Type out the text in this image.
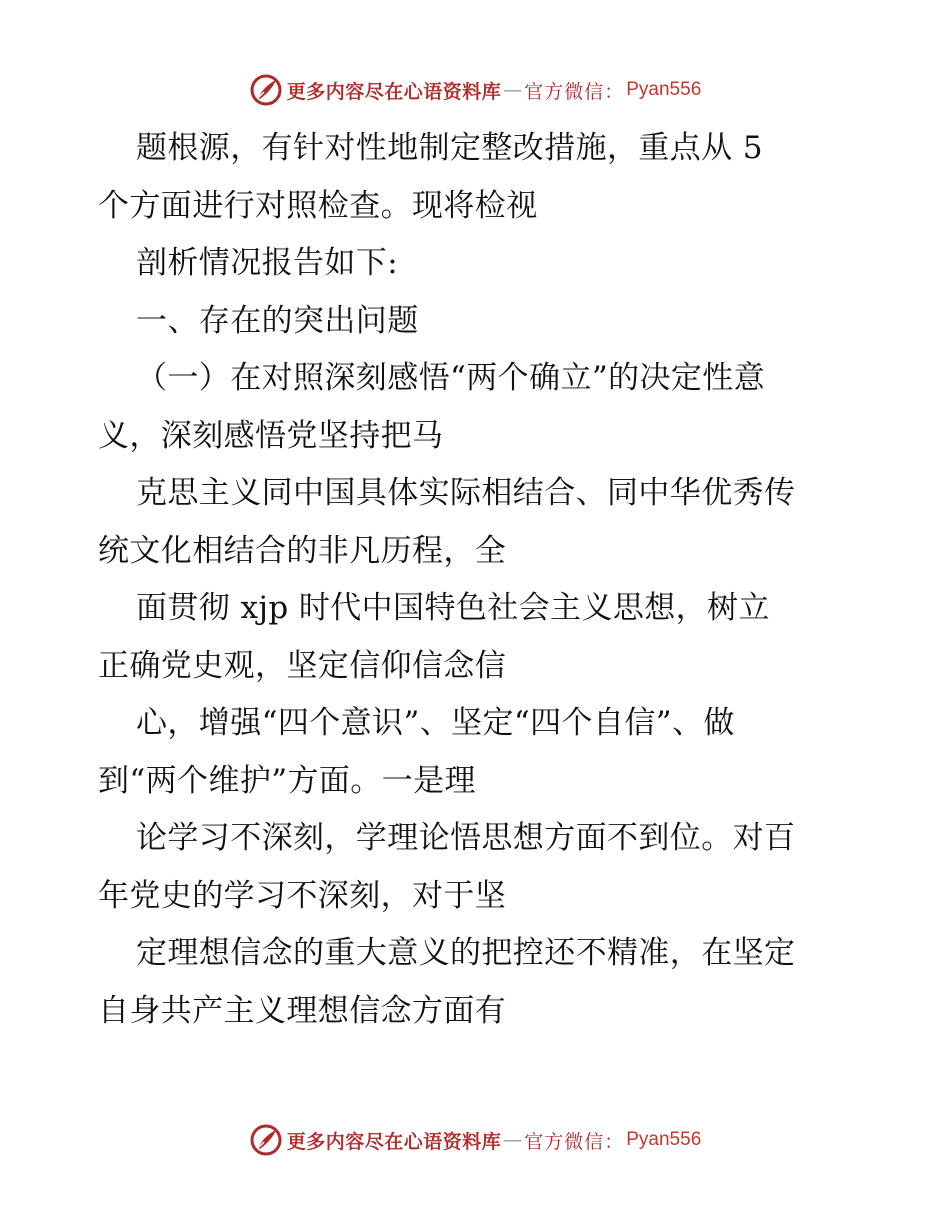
更多内容尽在心语资料库 — 官方微信： Pyan556
题根源，有针对性地制定整改措施，重点从 5
个方面进行对照检查。现将检视
剖析情况报告如下:
一、存在的突出问题
（一）在对照深刻感悟“两个确立”的决定性意
义，深刻感悟党坚持把马
克思主义同中国具体实际相结合、同中华优秀传
统文化相结合的非凡历程，全
面贯彻 xjp 时代中国特色社会主义思想，树立
正确党史观，坚定信仰信念信
心，增强“四个意识”、坚定“四个自信”、做
到“两个维护”方面。一是理
论学习不深刻，学理论悟思想方面不到位。对百
年党史的学习不深刻，对于坚
定理想信念的重大意义的把控还不精准，在坚定
自身共产主义理想信念方面有
更多内容尽在心语资料库 — 官方微信： Pyan556
